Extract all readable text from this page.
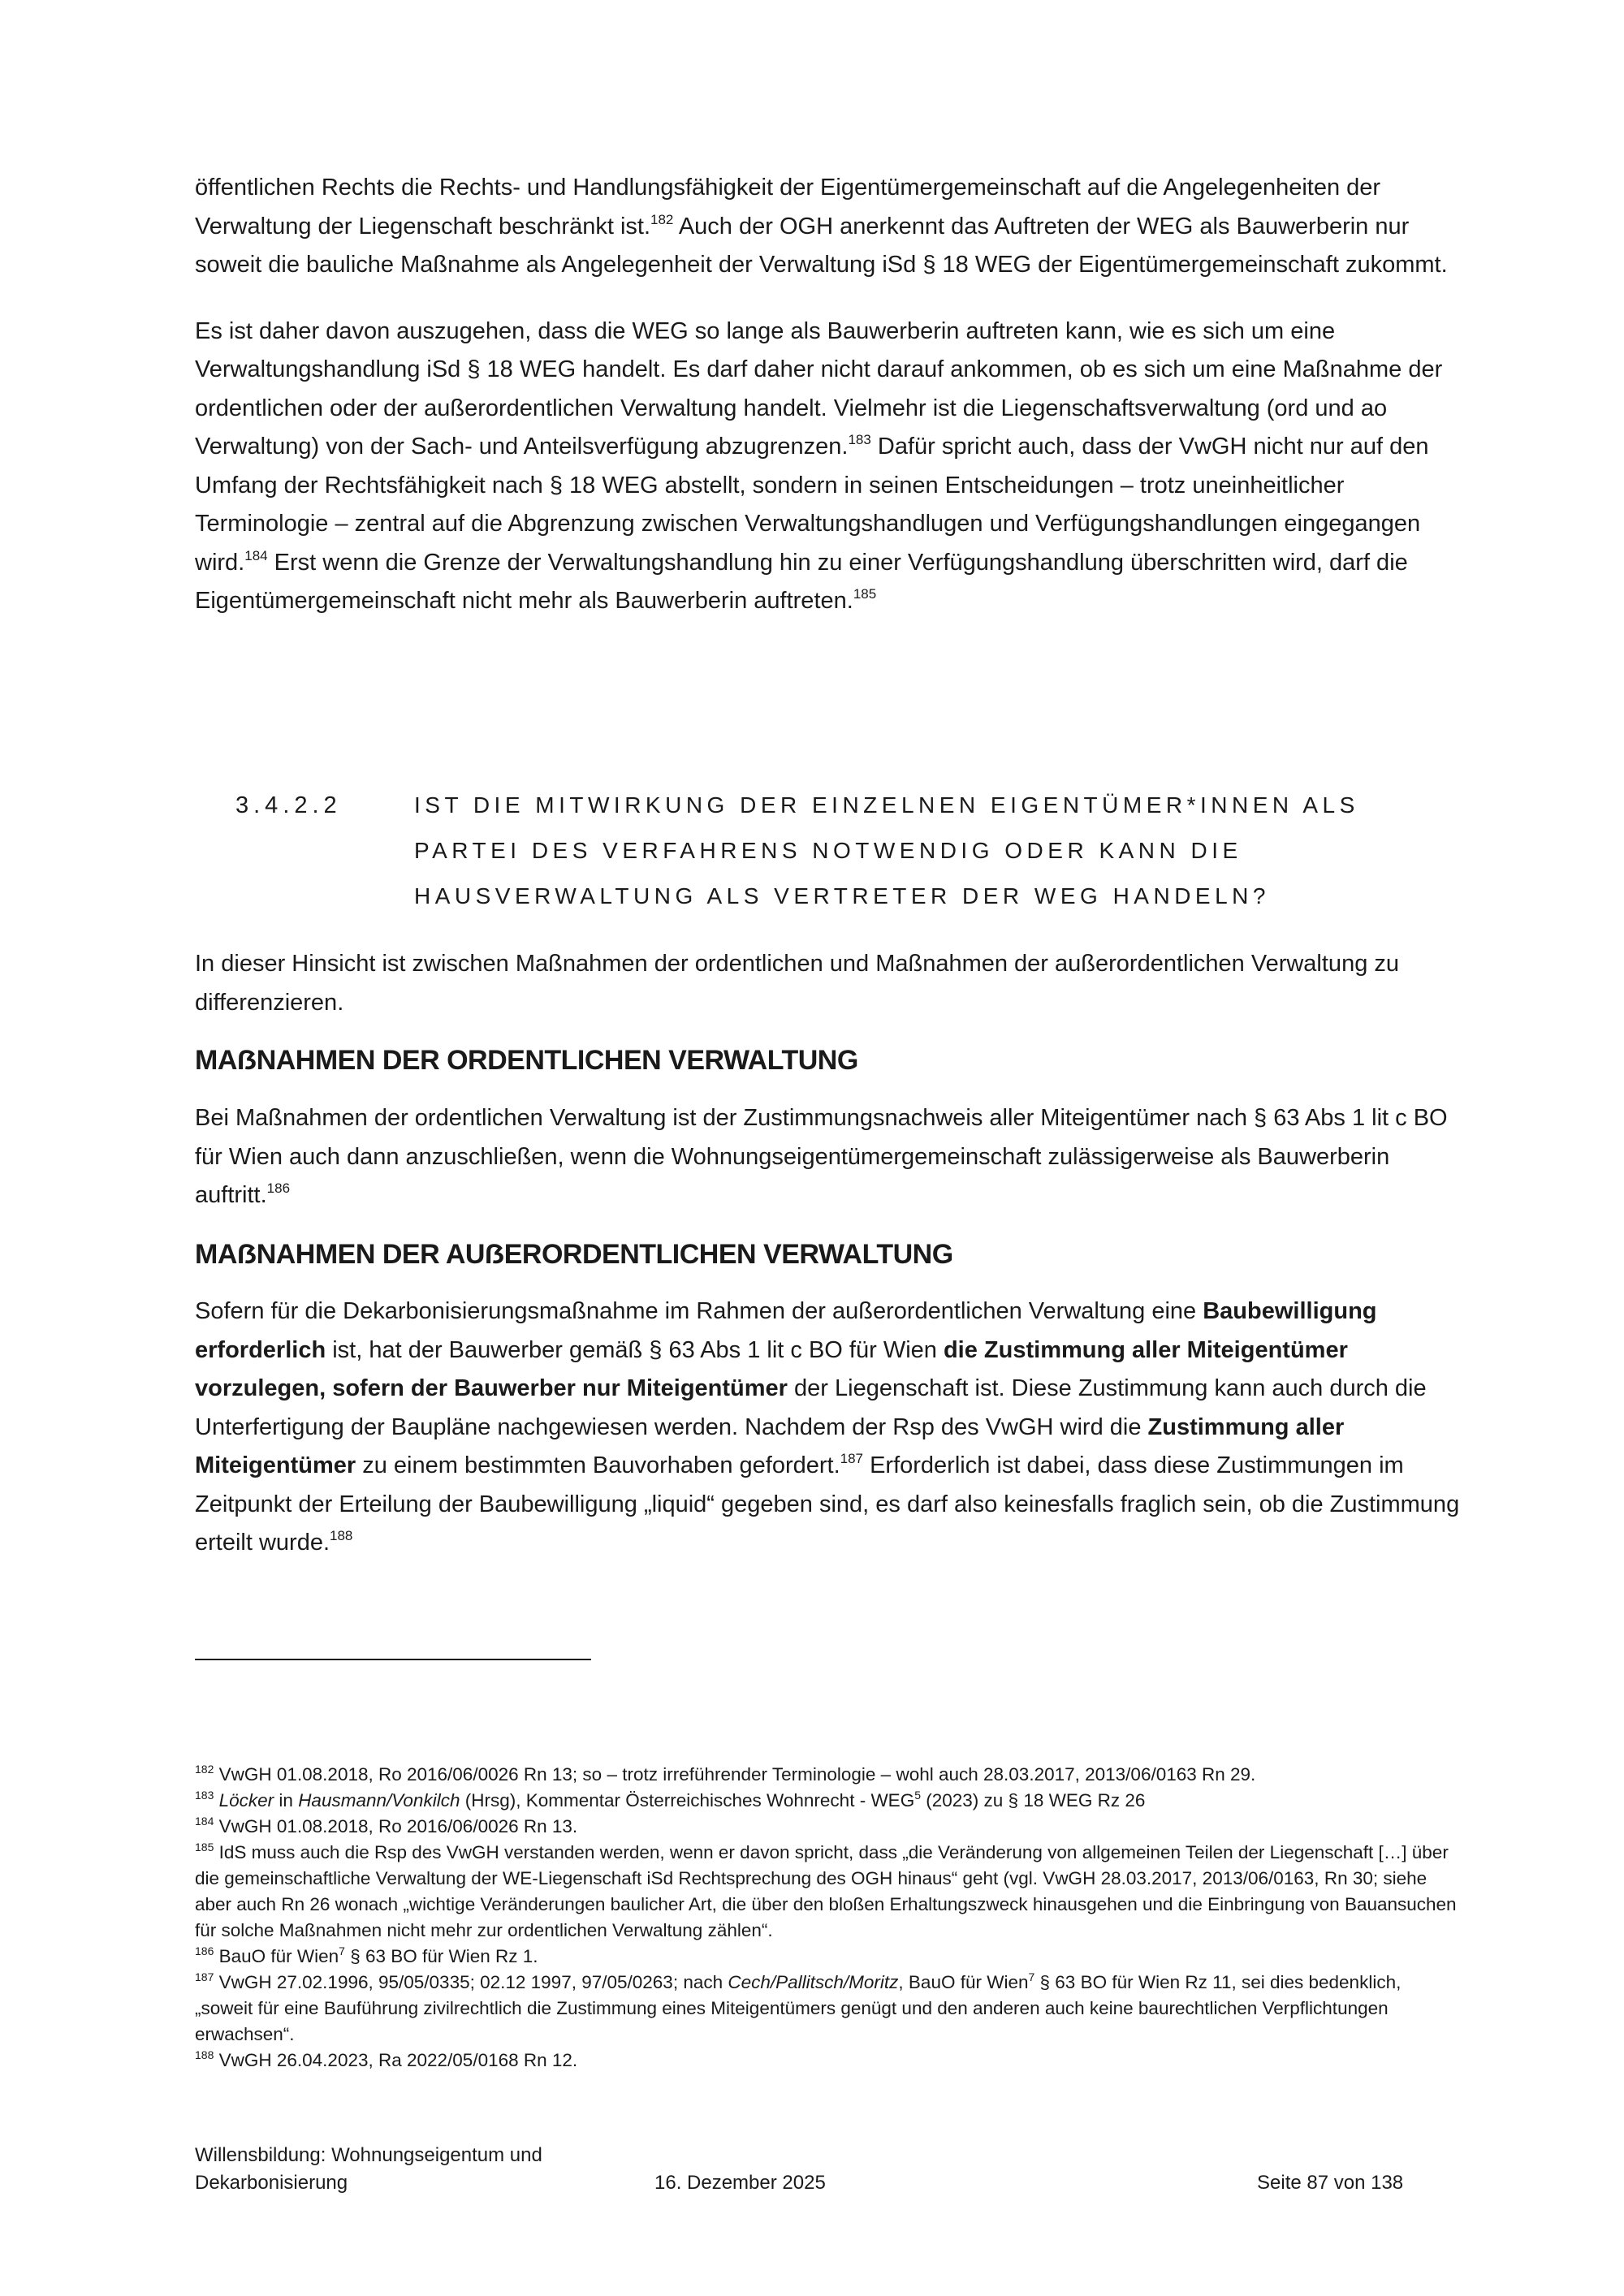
öffentlichen Rechts die Rechts- und Handlungsfähigkeit der Eigentümergemeinschaft auf die Angelegenheiten der Verwaltung der Liegenschaft beschränkt ist.$^{182}$ Auch der OGH anerkennt das Auftreten der WEG als Bauwerberin nur soweit die bauliche Maßnahme als Angelegenheit der Verwaltung iSd § 18 WEG der Eigentümergemeinschaft zukommt.

Es ist daher davon auszugehen, dass die WEG so lange als Bauwerberin auftreten kann, wie es sich um eine Verwaltungshandlung iSd § 18 WEG handelt. Es darf daher nicht darauf ankommen, ob es sich um eine Maßnahme der ordentlichen oder der außerordentlichen Verwaltung handelt. Vielmehr ist die Liegenschaftsverwaltung (ord und ao Verwaltung) von der Sach- und Anteilsverfügung abzugrenzen.$^{183}$ Dafür spricht auch, dass der VwGH nicht nur auf den Umfang der Rechtsfähigkeit nach § 18 WEG abstellt, sondern in seinen Entscheidungen – trotz uneinheitlicher Terminologie – zentral auf die Abgrenzung zwischen Verwaltungshandlugen und Verfügungshandlungen eingegangen wird.$^{184}$ Erst wenn die Grenze der Verwaltungshandlung hin zu einer Verfügungshandlung überschritten wird, darf die Eigentümergemeinschaft nicht mehr als Bauwerberin auftreten.$^{185}$

3.4.2.2	IST DIE MITWIRKUNG DER EINZELNEN EIGENTÜMER*INNEN ALS PARTEI DES VERFAHRENS NOTWENDIG ODER KANN DIE HAUSVERWALTUNG ALS VERTRETER DER WEG HANDELN?

In dieser Hinsicht ist zwischen Maßnahmen der ordentlichen und Maßnahmen der außerordentlichen Verwaltung zu differenzieren.

MAẞNAHMEN DER ORDENTLICHEN VERWALTUNG

Bei Maßnahmen der ordentlichen Verwaltung ist der Zustimmungsnachweis aller Miteigentümer nach § 63 Abs 1 lit c BO für Wien auch dann anzuschließen, wenn die Wohnungseigentümergemeinschaft zulässigerweise als Bauwerberin auftritt.$^{186}$

MAẞNAHMEN DER AUẞERORDENTLICHEN VERWALTUNG

Sofern für die Dekarbonisierungsmaßnahme im Rahmen der außerordentlichen Verwaltung eine Baubewilligung erforderlich ist, hat der Bauwerber gemäß § 63 Abs 1 lit c BO für Wien die Zustimmung aller Miteigentümer vorzulegen, sofern der Bauwerber nur Miteigentümer der Liegenschaft ist. Diese Zustimmung kann auch durch die Unterfertigung der Baupläne nachgewiesen werden. Nachdem der Rsp des VwGH wird die Zustimmung aller Miteigentümer zu einem bestimmten Bauvorhaben gefordert.$^{187}$ Erforderlich ist dabei, dass diese Zustimmungen im Zeitpunkt der Erteilung der Baubewilligung „liquid“ gegeben sind, es darf also keinesfalls fraglich sein, ob die Zustimmung erteilt wurde.$^{188}$

$^{182}$ VwGH 01.08.2018, Ro 2016/06/0026 Rn 13; so – trotz irreführender Terminologie – wohl auch 28.03.2017, 2013/06/0163 Rn 29.

$^{183}$ Löcker in Hausmann/Vonkilch (Hrsg), Kommentar Österreichisches Wohnrecht - WEG$^5$ (2023) zu § 18 WEG Rz 26

$^{184}$ VwGH 01.08.2018, Ro 2016/06/0026 Rn 13.

$^{185}$ IdS muss auch die Rsp des VwGH verstanden werden, wenn er davon spricht, dass „die Veränderung von allgemeinen Teilen der Liegenschaft […] über die gemeinschaftliche Verwaltung der WE-Liegenschaft iSd Rechtsprechung des OGH hinaus“ geht (vgl. VwGH 28.03.2017, 2013/06/0163, Rn 30; siehe aber auch Rn 26 wonach „wichtige Veränderungen baulicher Art, die über den bloßen Erhaltungszweck hinausgehen und die Einbringung von Bauansuchen für solche Maßnahmen nicht mehr zur ordentlichen Verwaltung zählen“.

$^{186}$ BauO für Wien$^7$ § 63 BO für Wien Rz 1.

$^{187}$ VwGH 27.02.1996, 95/05/0335; 02.12 1997, 97/05/0263; nach Cech/Pallitsch/Moritz, BauO für Wien$^7$ § 63 BO für Wien Rz 11, sei dies bedenklich, „soweit für eine Bauführung zivilrechtlich die Zustimmung eines Miteigentümers genügt und den anderen auch keine baurechtlichen Verpflichtungen erwachsen“.

$^{188}$ VwGH 26.04.2023, Ra 2022/05/0168 Rn 12.

Willensbildung: Wohnungseigentum und
Dekarbonisierung	16. Dezember 2025	Seite 87 von 138
